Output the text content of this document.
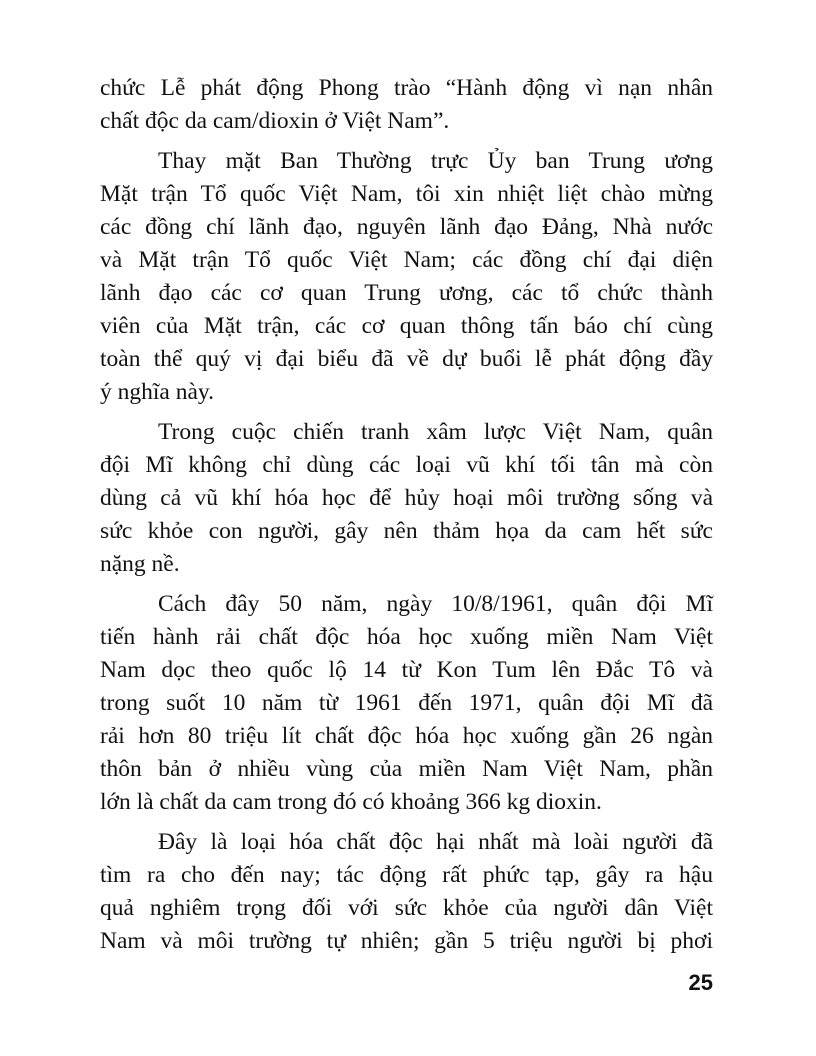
chức Lễ phát động Phong trào “Hành động vì nạn nhân
chất độc da cam/dioxin ở Việt Nam”.
Thay mặt Ban Thường trực Ủy ban Trung ương
Mặt trận Tổ quốc Việt Nam, tôi xin nhiệt liệt chào mừng
các đồng chí lãnh đạo, nguyên lãnh đạo Đảng, Nhà nước
và Mặt trận Tổ quốc Việt Nam; các đồng chí đại diện
lãnh đạo các cơ quan Trung ương, các tổ chức thành
viên của Mặt trận, các cơ quan thông tấn báo chí cùng
toàn thể quý vị đại biểu đã về dự buổi lễ phát động đầy
ý nghĩa này.
Trong cuộc chiến tranh xâm lược Việt Nam, quân
đội Mĩ không chỉ dùng các loại vũ khí tối tân mà còn
dùng cả vũ khí hóa học để hủy hoại môi trường sống và
sức khỏe con người, gây nên thảm họa da cam hết sức
nặng nề.
Cách đây 50 năm, ngày 10/8/1961, quân đội Mĩ
tiến hành rải chất độc hóa học xuống miền Nam Việt
Nam dọc theo quốc lộ 14 từ Kon Tum lên Đắc Tô và
trong suốt 10 năm từ 1961 đến 1971, quân đội Mĩ đã
rải hơn 80 triệu lít chất độc hóa học xuống gần 26 ngàn
thôn bản ở nhiều vùng của miền Nam Việt Nam, phần
lớn là chất da cam trong đó có khoảng 366 kg dioxin.
Đây là loại hóa chất độc hại nhất mà loài người đã
tìm ra cho đến nay; tác động rất phức tạp, gây ra hậu
quả nghiêm trọng đối với sức khỏe của người dân Việt
Nam và môi trường tự nhiên; gần 5 triệu người bị phơi
25
